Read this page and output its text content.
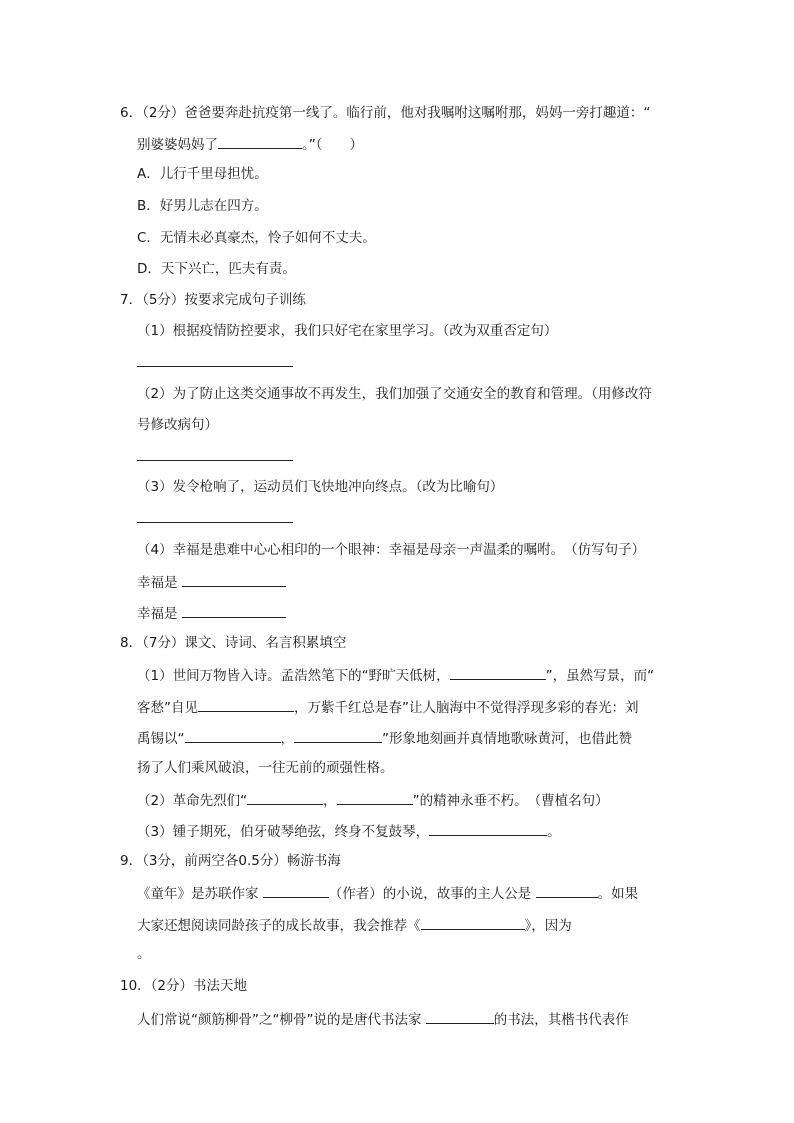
6．（2分）爸爸要奔赴抗疫第一线了。临行前，他对我嘱咐这嘱咐那，妈妈一旁打趣道：“
别婆婆妈妈了	。”（　　）
A．儿行千里母担忧。
B．好男儿志在四方。
C．无情未必真豪杰，怜子如何不丈夫。
D．天下兴亡，匹夫有责。
7．（5分）按要求完成句子训练
（1）根据疫情防控要求，我们只好宅在家里学习。（改为双重否定句）
（2）为了防止这类交通事故不再发生，我们加强了交通安全的教育和管理。（用修改符
号修改病句）
（3）发令枪响了，运动员们飞快地冲向终点。（改为比喻句）
（4）幸福是患难中心心相印的一个眼神：幸福是母亲一声温柔的嘱咐。　（仿写句子）
幸福是
幸福是
8．（7分）课文、诗词、名言积累填空
（1）世间万物皆入诗。孟浩然笔下的“野旷天低树，	”，虽然写景，而“
客愁”自见	，万紫千红总是春”让人脑海中不觉得浮现多彩的春光：刘
禹锡以“	，	”形象地刻画并真情地歌咏黄河，也借此赞
扬了人们乘风破浪，一往无前的顽强性格。
（2）革命先烈们“	，	”的精神永垂不朽。　（曹植名句）
（3）锺子期死，伯牙破琴绝弦，终身不复鼓琴，	。
9．（3分，前两空各0.5分）畅游书海
《童年》是苏联作家	（作者）的小说，故事的主人公是	。如果
大家还想阅读同龄孩子的成长故事，我会推荐《	》，因为
。
10．（2分）书法天地
人们常说“颜筋柳骨”之“柳骨”说的是唐代书法家	的书法，其楷书代表作
